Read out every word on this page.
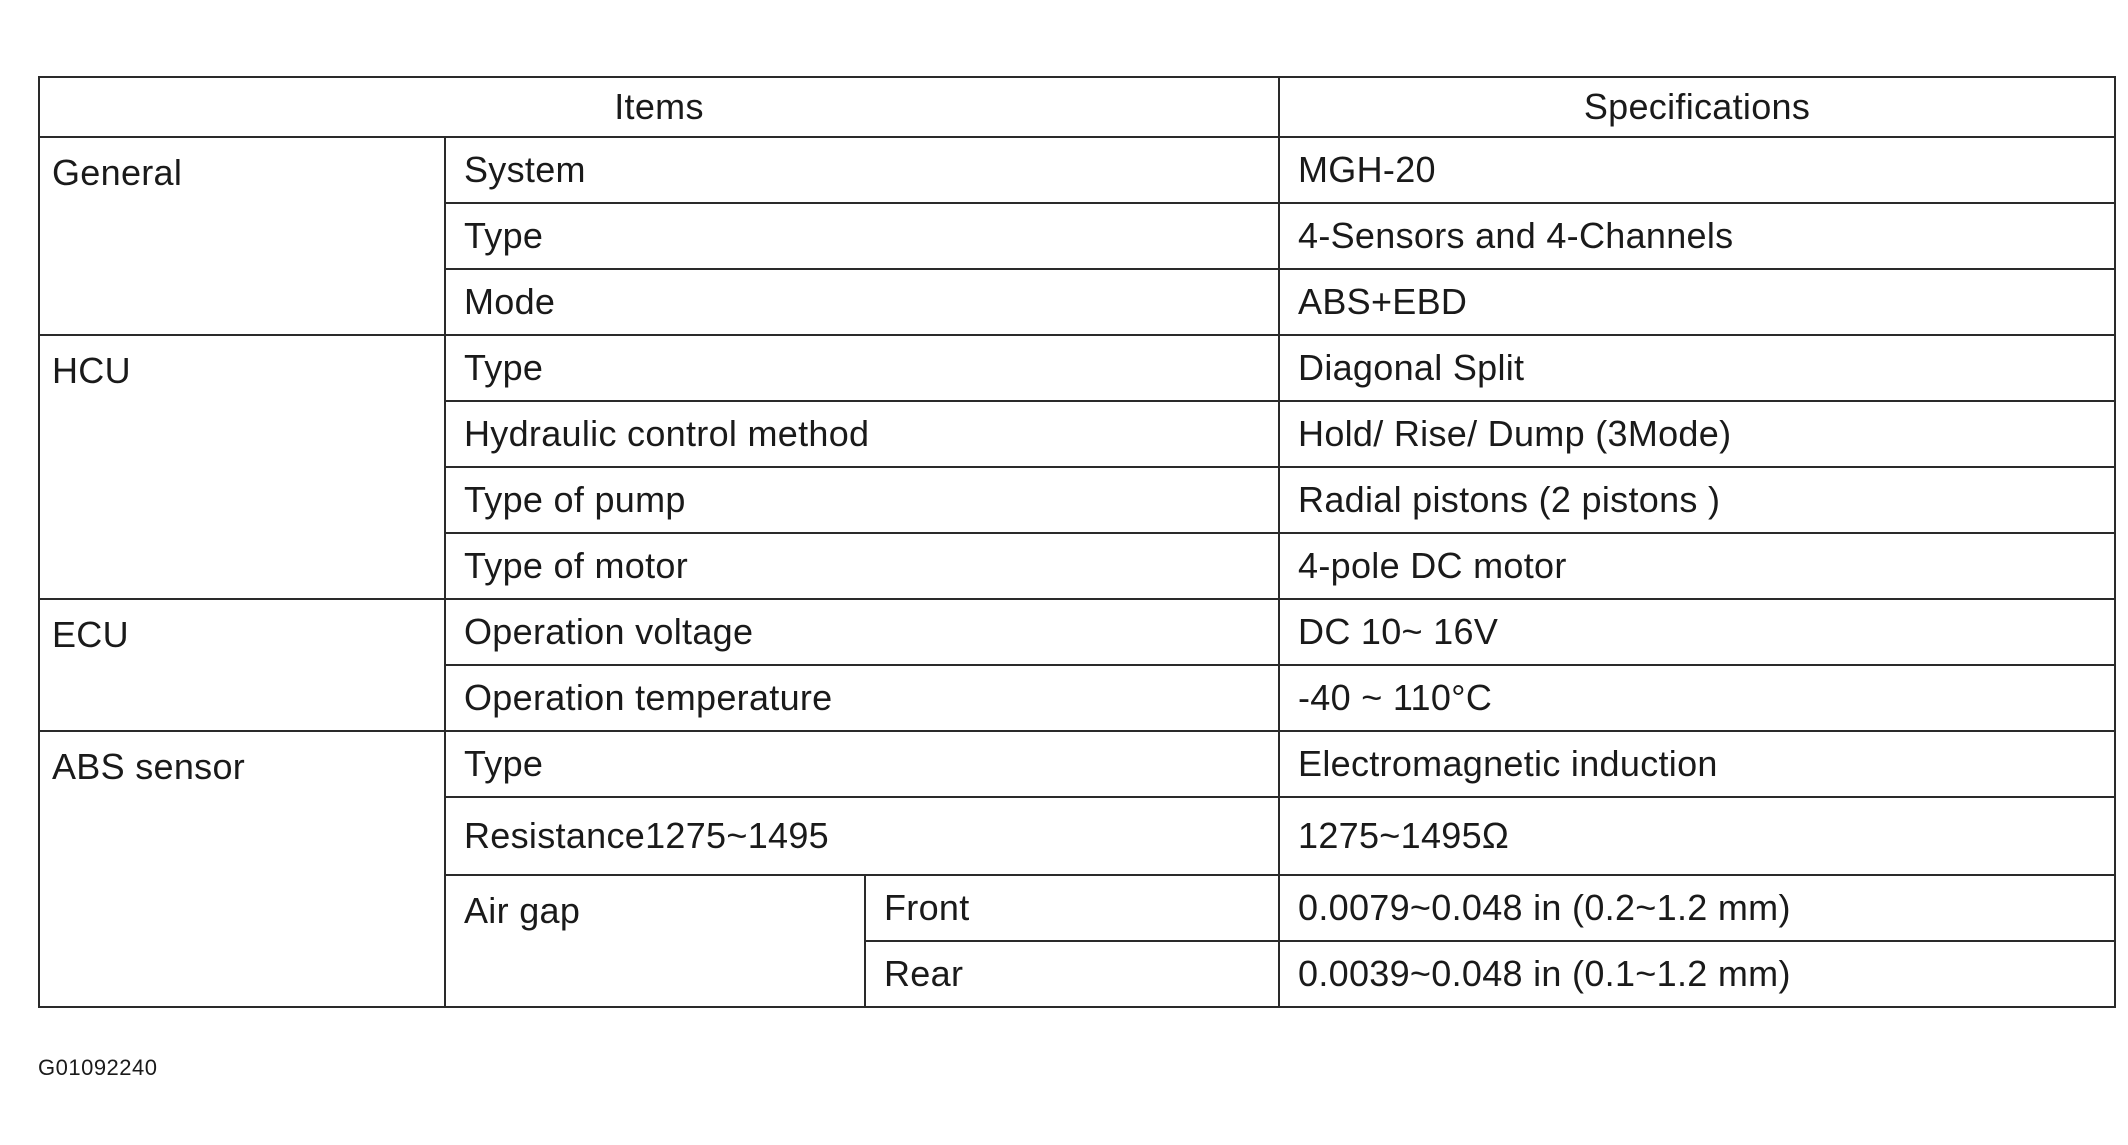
Items			Specifications
General	System		MGH-20
	Type		4-Sensors and 4-Channels
	Mode		ABS+EBD
HCU	Type		Diagonal Split
	Hydraulic control method		Hold/ Rise/ Dump (3Mode)
	Type of pump		Radial pistons (2 pistons )
	Type of motor		4-pole DC motor
ECU	Operation voltage		DC 10~ 16V
	Operation temperature		-40 ~ 110°C
ABS sensor	Type		Electromagnetic induction
	Resistance1275~1495		1275~1495Ω
	Air gap	Front	0.0079~0.048 in (0.2~1.2 mm)
		Rear	0.0039~0.048 in (0.1~1.2 mm)
G01092240
